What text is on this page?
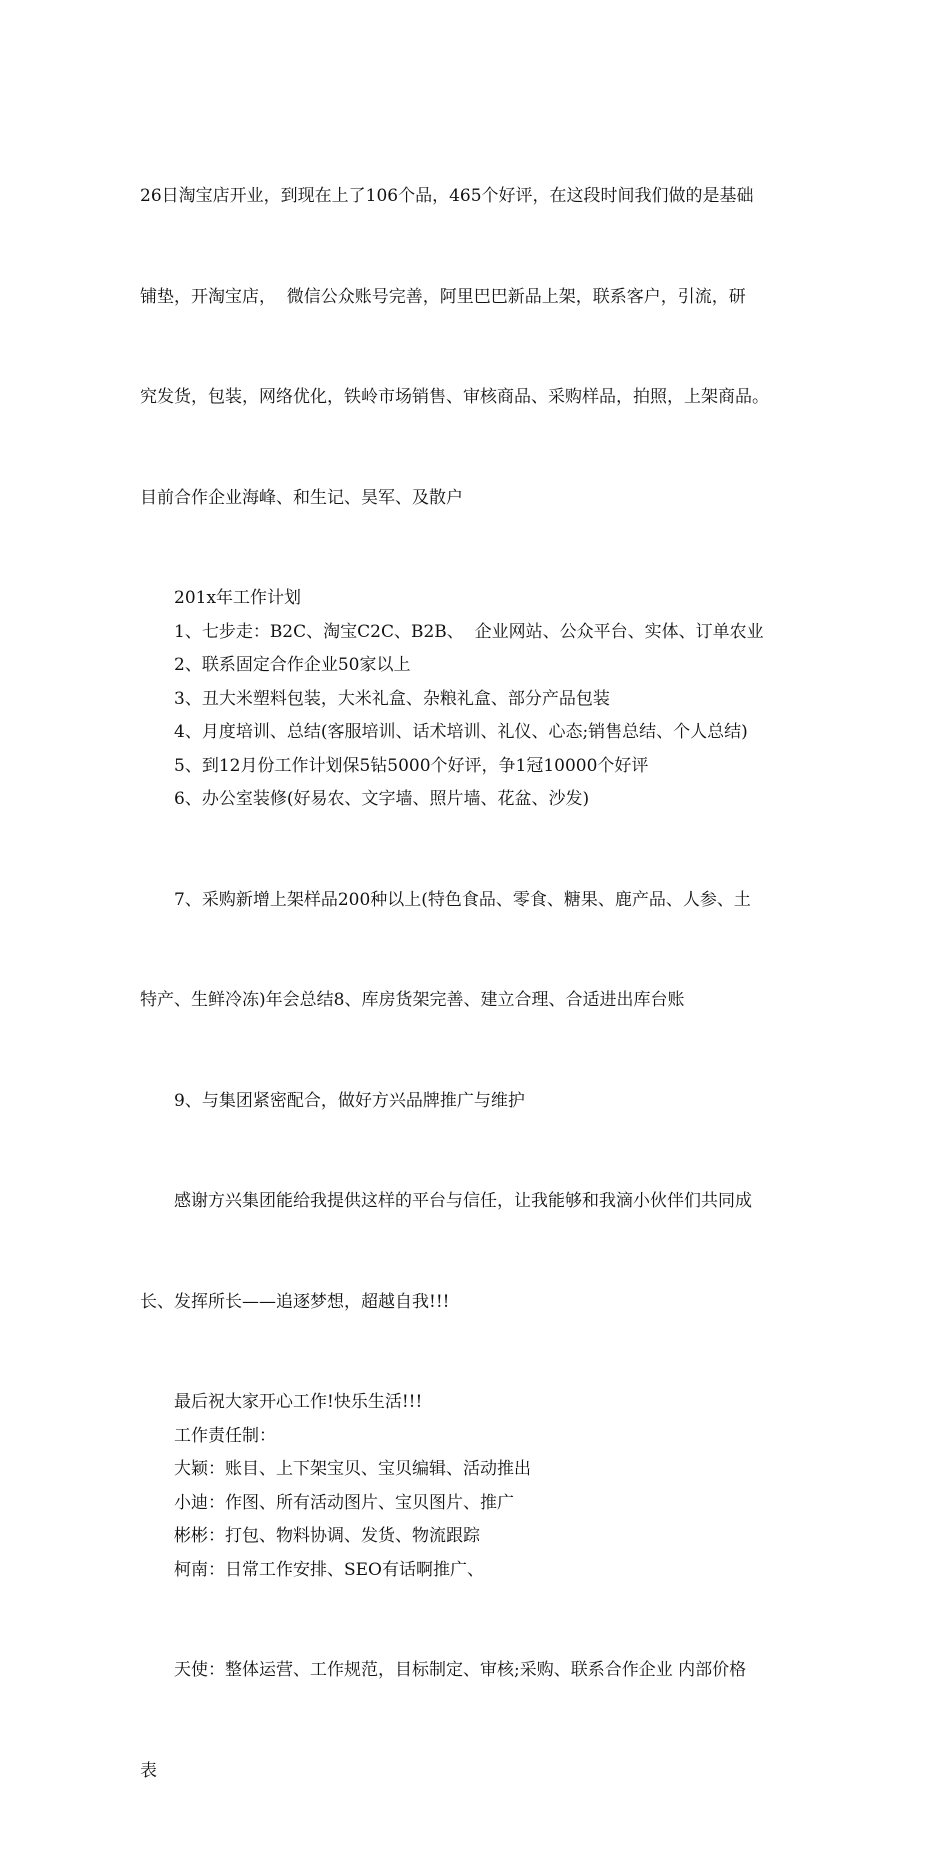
26日淘宝店开业，到现在上了106个品，465个好评，在这段时间我们做的是基础

铺垫，开淘宝店，  微信公众账号完善，阿里巴巴新品上架，联系客户，引流，研

究发货，包装，网络优化，铁岭市场销售、审核商品、采购样品，拍照，上架商品。

目前合作企业海峰、和生记、昊军、及散户

201x年工作计划
1、七步走：B2C、淘宝C2C、B2B、  企业网站、公众平台、实体、订单农业
2、联系固定合作企业50家以上
3、丑大米塑料包装，大米礼盒、杂粮礼盒、部分产品包装
4、月度培训、总结(客服培训、话术培训、礼仪、心态;销售总结、个人总结)
5、到12月份工作计划保5钻5000个好评，争1冠10000个好评
6、办公室装修(好易农、文字墙、照片墙、花盆、沙发)

7、采购新增上架样品200种以上(特色食品、零食、糖果、鹿产品、人参、土

特产、生鲜冷冻)年会总结8、库房货架完善、建立合理、合适进出库台账

9、与集团紧密配合，做好方兴品牌推广与维护

感谢方兴集团能给我提供这样的平台与信任，让我能够和我滴小伙伴们共同成

长、发挥所长——追逐梦想，超越自我!!!

最后祝大家开心工作!快乐生活!!!
工作责任制：
大颖：账目、上下架宝贝、宝贝编辑、活动推出
小迪：作图、所有活动图片、宝贝图片、推广
彬彬：打包、物料协调、发货、物流跟踪
柯南：日常工作安排、SEO有话啊推广、

天使：整体运营、工作规范，目标制定、审核;采购、联系合作企业 内部价格

表
